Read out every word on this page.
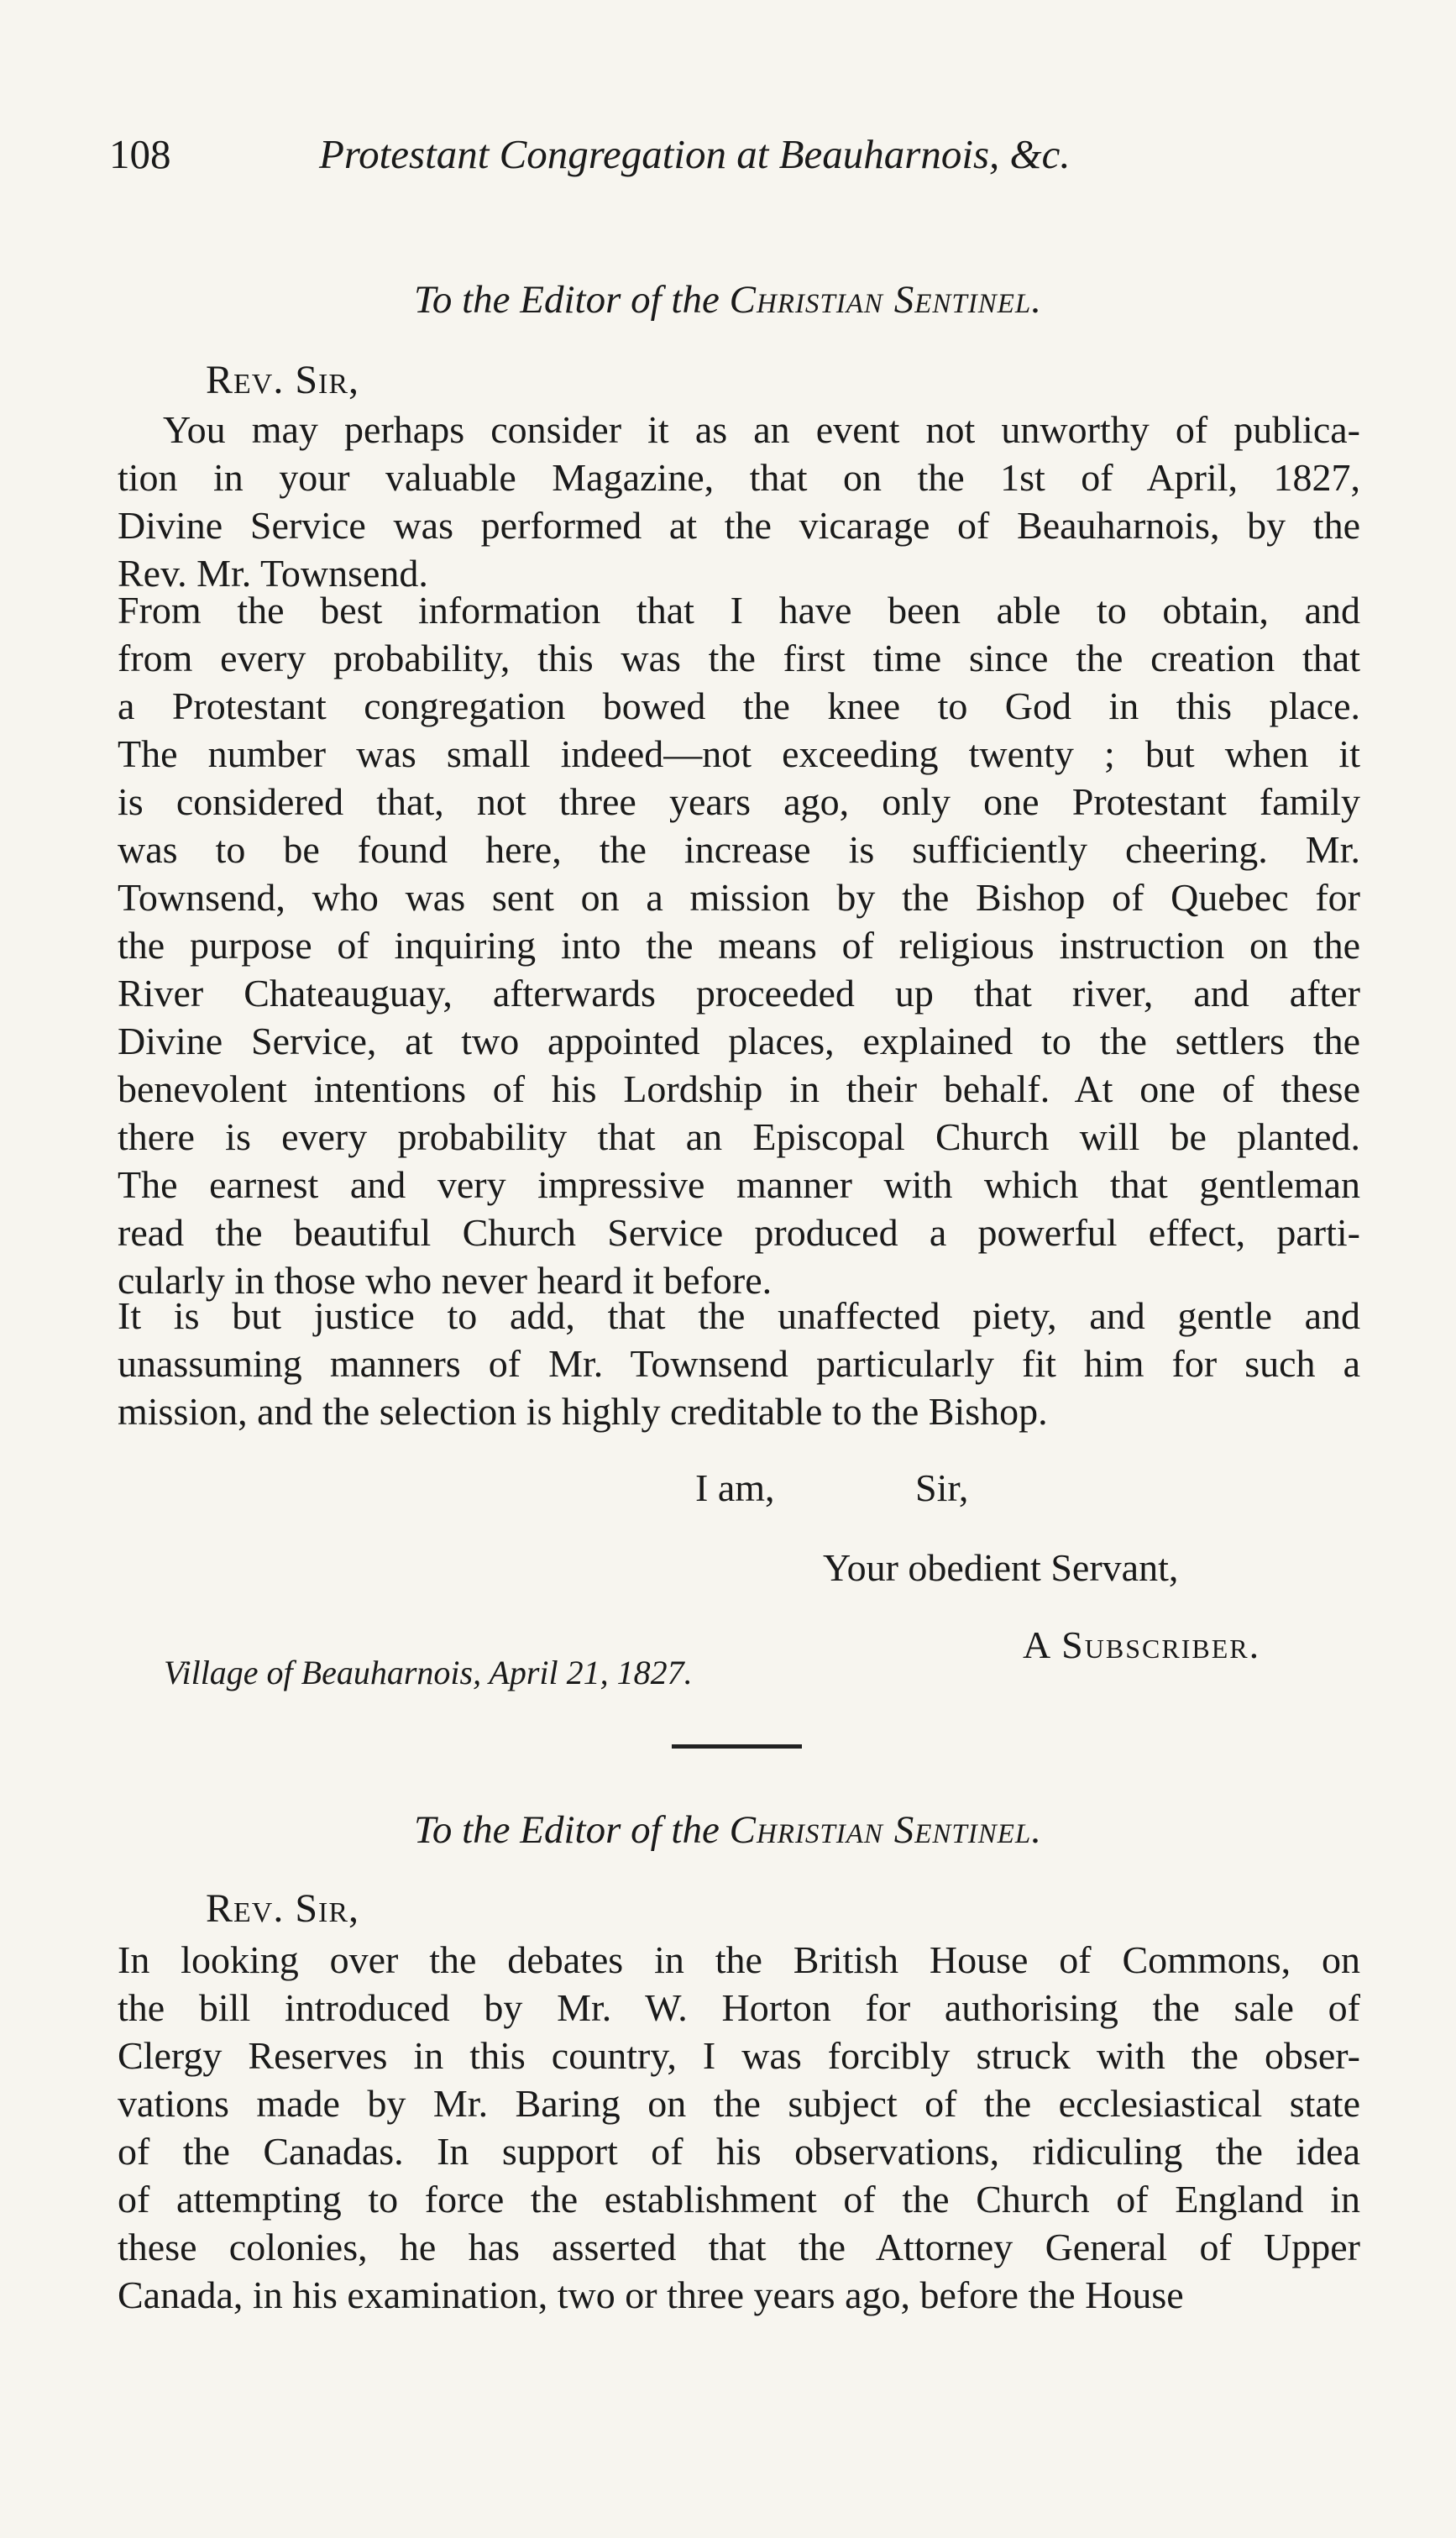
108	Protestant Congregation at Beauharnois, &c.
To the Editor of the Christian Sentinel.
Rev. Sir,
You may perhaps consider it as an event not unworthy of publica-
tion in your valuable Magazine, that on the 1st of April, 1827,
Divine Service was performed at the vicarage of Beauharnois, by the
Rev. Mr. Townsend.
From the best information that I have been able to obtain, and
from every probability, this was the first time since the creation that
a Protestant congregation bowed the knee to God in this place.
The number was small indeed—not exceeding twenty ; but when it
is considered that, not three years ago, only one Protestant family
was to be found here, the increase is sufficiently cheering. Mr.
Townsend, who was sent on a mission by the Bishop of Quebec for
the purpose of inquiring into the means of religious instruction on the
River Chateauguay, afterwards proceeded up that river, and after
Divine Service, at two appointed places, explained to the settlers the
benevolent intentions of his Lordship in their behalf. At one of these
there is every probability that an Episcopal Church will be planted.
The earnest and very impressive manner with which that gentleman
read the beautiful Church Service produced a powerful effect, parti-
cularly in those who never heard it before.
It is but justice to add, that the unaffected piety, and gentle and
unassuming manners of Mr. Townsend particularly fit him for such a
mission, and the selection is highly creditable to the Bishop.
I am,	Sir,
Your obedient Servant,
A Subscriber.
Village of Beauharnois, April 21, 1827.
To the Editor of the Christian Sentinel.
Rev. Sir,
In looking over the debates in the British House of Commons, on
the bill introduced by Mr. W. Horton for authorising the sale of
Clergy Reserves in this country, I was forcibly struck with the obser-
vations made by Mr. Baring on the subject of the ecclesiastical state
of the Canadas. In support of his observations, ridiculing the idea
of attempting to force the establishment of the Church of England in
these colonies, he has asserted that the Attorney General of Upper
Canada, in his examination, two or three years ago, before the House
